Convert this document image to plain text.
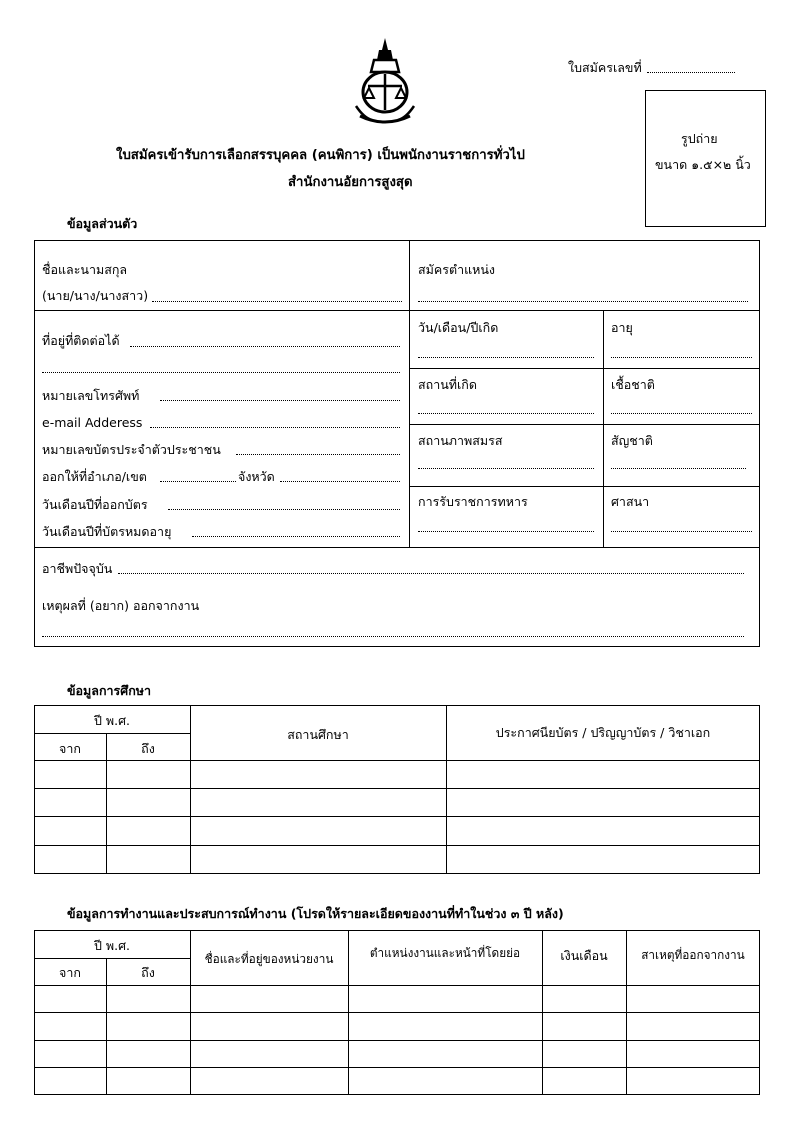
ใบสมัครเลขที่
รูปถ่าย
ขนาด ๑.๕×๒ นิ้ว
ใบสมัครเข้ารับการเลือกสรรบุคคล (คนพิการ) เป็นพนักงานราชการทั่วไป
สำนักงานอัยการสูงสุด
ข้อมูลส่วนตัว
ชื่อและนามสกุล
(นาย/นาง/นางสาว)
สมัครตำแหน่ง
ที่อยู่ที่ติดต่อได้
หมายเลขโทรศัพท์
e-mail Adderess
หมายเลขบัตรประจำตัวประชาชน
ออกให้ที่อำเภอ/เขต	จังหวัด
วันเดือนปีที่ออกบัตร
วันเดือนปีที่บัตรหมดอายุ
วัน/เดือน/ปีเกิด	อายุ
สถานที่เกิด	เชื้อชาติ
สถานภาพสมรส	สัญชาติ
การรับราชการทหาร	ศาสนา
อาชีพปัจจุบัน
เหตุผลที่ (อยาก) ออกจากงาน
ข้อมูลการศึกษา
ปี พ.ศ.
จาก	ถึง
สถานศึกษา	ประกาศนียบัตร / ปริญญาบัตร / วิชาเอก
ข้อมูลการทำงานและประสบการณ์ทำงาน (โปรดให้รายละเอียดของงานที่ทำในช่วง ๓ ปี หลัง)
ปี พ.ศ.
จาก	ถึง
ชื่อและที่อยู่ของหน่วยงาน	ตำแหน่งงานและหน้าที่โดยย่อ	เงินเดือน	สาเหตุที่ออกจากงาน
